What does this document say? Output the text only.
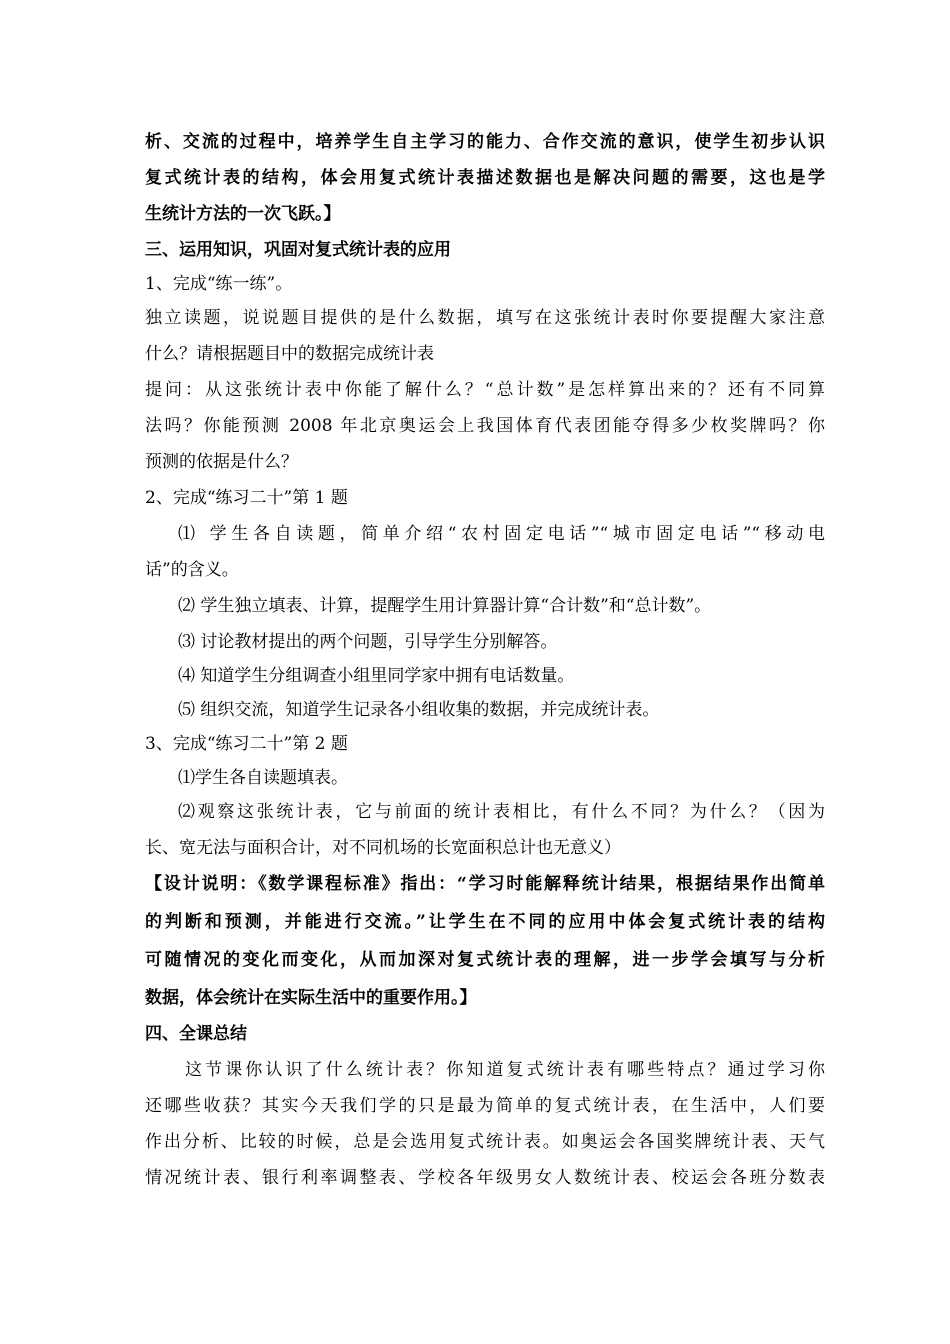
析、交流的过程中，培养学生自主学习的能力、合作交流的意识，使学生初步认识
复式统计表的结构，体会用复式统计表描述数据也是解决问题的需要，这也是学
生统计方法的一次飞跃。】
三、运用知识，巩固对复式统计表的应用
1、完成“练一练”。
独立读题，说说题目提供的是什么数据，填写在这张统计表时你要提醒大家注意
什么？请根据题目中的数据完成统计表
提问：从这张统计表中你能了解什么？“总计数”是怎样算出来的？还有不同算
法吗？你能预测 2008 年北京奥运会上我国体育代表团能夺得多少枚奖牌吗？你
预测的依据是什么？
2、完成“练习二十”第 1 题
⑴ 学生各自读题，简单介绍“农村固定电话”“城市固定电话”“移动电
话”的含义。
⑵ 学生独立填表、计算，提醒学生用计算器计算“合计数”和“总计数”。
⑶ 讨论教材提出的两个问题，引导学生分别解答。
⑷ 知道学生分组调查小组里同学家中拥有电话数量。
⑸ 组织交流，知道学生记录各小组收集的数据，并完成统计表。
3、完成“练习二十”第 2 题
⑴学生各自读题填表。
⑵观察这张统计表，它与前面的统计表相比，有什么不同？为什么？（因为
长、宽无法与面积合计，对不同机场的长宽面积总计也无意义）
【设计说明：《数学课程标准》指出：“学习时能解释统计结果，根据结果作出简单
的判断和预测，并能进行交流。”让学生在不同的应用中体会复式统计表的结构
可随情况的变化而变化，从而加深对复式统计表的理解，进一步学会填写与分析
数据，体会统计在实际生活中的重要作用。】
四、全课总结
这节课你认识了什么统计表？你知道复式统计表有哪些特点？通过学习你
还哪些收获？其实今天我们学的只是最为简单的复式统计表，在生活中，人们要
作出分析、比较的时候，总是会选用复式统计表。如奥运会各国奖牌统计表、天气
情况统计表、银行利率调整表、学校各年级男女人数统计表、校运会各班分数表
